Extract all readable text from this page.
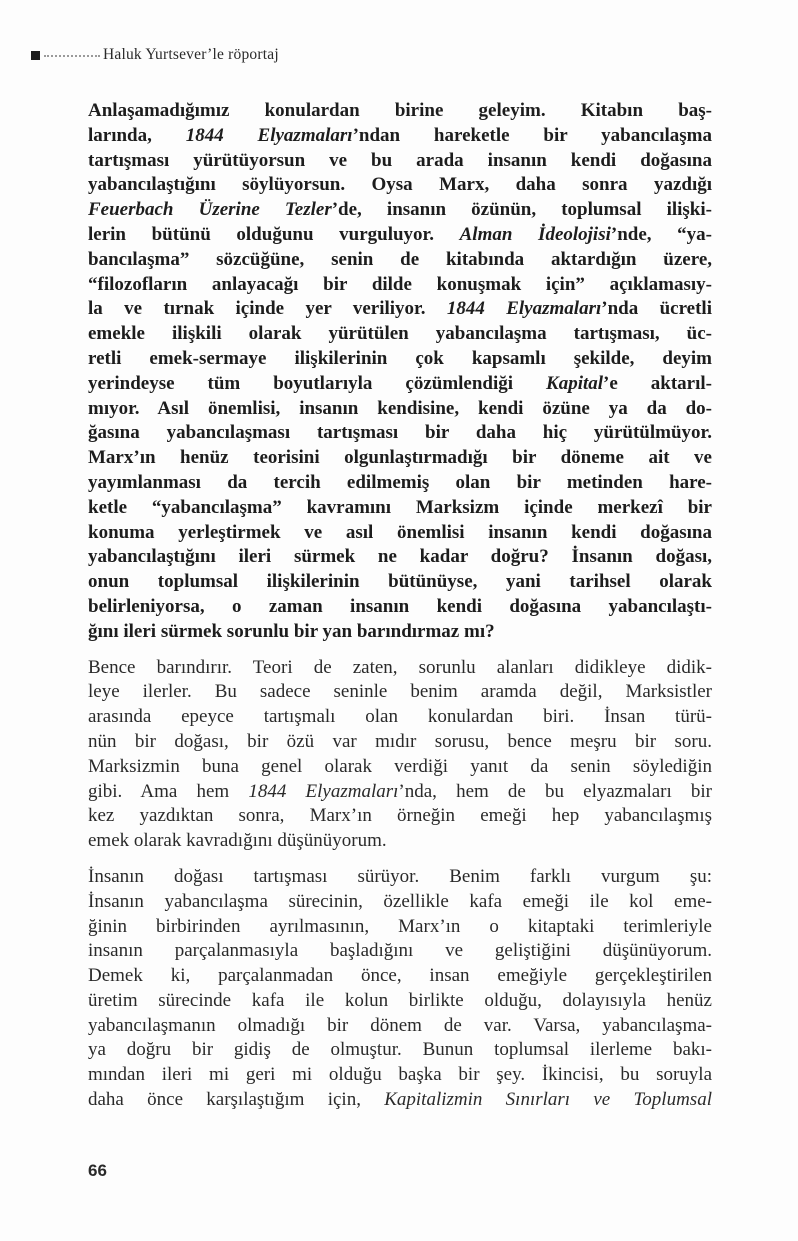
Haluk Yurtsever’le röportaj
Anlaşamadığımız konulardan birine geleyim. Kitabın baş-
larında, 1844 Elyazmaları’ndan hareketle bir yabancılaşma
tartışması yürütüyorsun ve bu arada insanın kendi doğasına
yabancılaştığını söylüyorsun. Oysa Marx, daha sonra yazdığı
Feuerbach Üzerine Tezler’de, insanın özünün, toplumsal ilişki-
lerin bütünü olduğunu vurguluyor. Alman İdeolojisi’nde, “ya-
bancılaşma” sözcüğüne, senin de kitabında aktardığın üzere,
“filozofların anlayacağı bir dilde konuşmak için” açıklamasıy-
la ve tırnak içinde yer veriliyor. 1844 Elyazmaları’nda ücretli
emekle ilişkili olarak yürütülen yabancılaşma tartışması, üc-
retli emek-sermaye ilişkilerinin çok kapsamlı şekilde, deyim
yerindeyse tüm boyutlarıyla çözümlendiği Kapital’e aktarıl-
mıyor. Asıl önemlisi, insanın kendisine, kendi özüne ya da do-
ğasına yabancılaşması tartışması bir daha hiç yürütülmüyor.
Marx’ın henüz teorisini olgunlaştırmadığı bir döneme ait ve
yayımlanması da tercih edilmemiş olan bir metinden hare-
ketle “yabancılaşma” kavramını Marksizm içinde merkezî bir
konuma yerleştirmek ve asıl önemlisi insanın kendi doğasına
yabancılaştığını ileri sürmek ne kadar doğru? İnsanın doğası,
onun toplumsal ilişkilerinin bütünüyse, yani tarihsel olarak
belirleniyorsa, o zaman insanın kendi doğasına yabancılaştı-
ğını ileri sürmek sorunlu bir yan barındırmaz mı?
Bence barındırır. Teori de zaten, sorunlu alanları didikleye didik-
leye ilerler. Bu sadece seninle benim aramda değil, Marksistler
arasında epeyce tartışmalı olan konulardan biri. İnsan türü-
nün bir doğası, bir özü var mıdır sorusu, bence meşru bir soru.
Marksizmin buna genel olarak verdiği yanıt da senin söylediğin
gibi. Ama hem 1844 Elyazmaları’nda, hem de bu elyazmaları bir
kez yazdıktan sonra, Marx’ın örneğin emeği hep yabancılaşmış
emek olarak kavradığını düşünüyorum.
İnsanın doğası tartışması sürüyor. Benim farklı vurgum şu:
İnsanın yabancılaşma sürecinin, özellikle kafa emeği ile kol eme-
ğinin birbirinden ayrılmasının, Marx’ın o kitaptaki terimleriyle
insanın parçalanmasıyla başladığını ve geliştiğini düşünüyorum.
Demek ki, parçalanmadan önce, insan emeğiyle gerçekleştirilen
üretim sürecinde kafa ile kolun birlikte olduğu, dolayısıyla henüz
yabancılaşmanın olmadığı bir dönem de var. Varsa, yabancılaşma-
ya doğru bir gidiş de olmuştur. Bunun toplumsal ilerleme bakı-
mından ileri mi geri mi olduğu başka bir şey. İkincisi, bu soruyla
daha önce karşılaştığım için, Kapitalizmin Sınırları ve Toplumsal
66
